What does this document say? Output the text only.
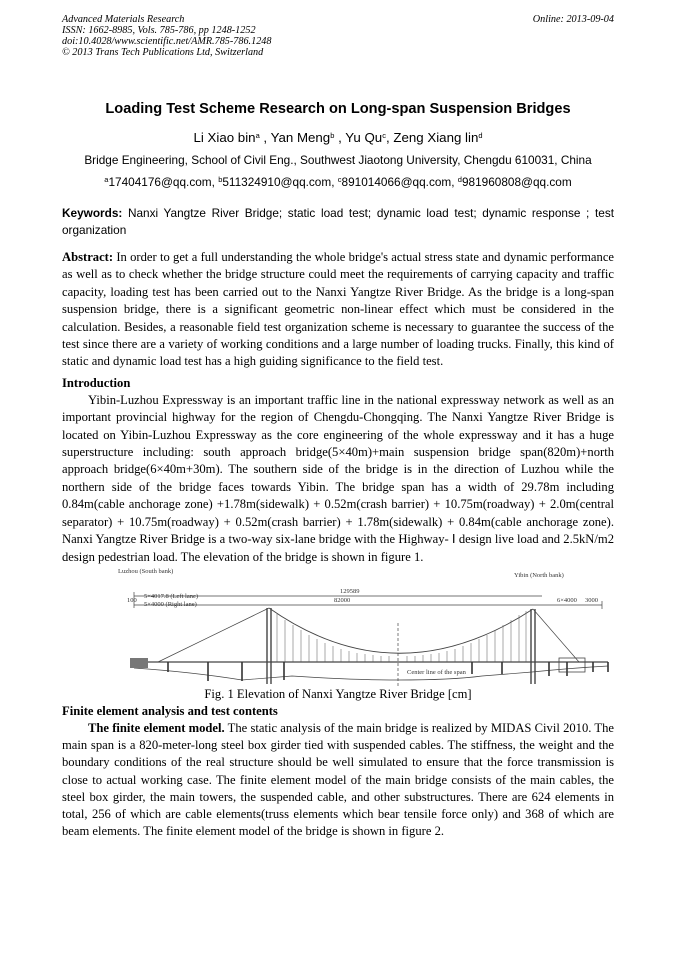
Advanced Materials Research
ISSN: 1662-8985, Vols. 785-786, pp 1248-1252
doi:10.4028/www.scientific.net/AMR.785-786.1248
© 2013 Trans Tech Publications Ltd, Switzerland
Online: 2013-09-04
Loading Test Scheme Research on Long-span Suspension Bridges
Li Xiao bin$^a$ , Yan Meng$^b$ , Yu Qu$^c$, Zeng Xiang lin$^d$
Bridge Engineering, School of Civil Eng., Southwest Jiaotong University, Chengdu 610031, China
$^a$17404176@qq.com, $^b$511324910@qq.com, $^c$891014066@qq.com, $^d$981960808@qq.com
Keywords: Nanxi Yangtze River Bridge; static load test; dynamic load test; dynamic response ; test organization
Abstract: In order to get a full understanding the whole bridge's actual stress state and dynamic performance as well as to check whether the bridge structure could meet the requirements of carrying capacity and traffic capacity, loading test has been carried out to the Nanxi Yangtze River Bridge. As the bridge is a long-span suspension bridge, there is a significant geometric non-linear effect which must be considered in the calculation. Besides, a reasonable field test organization scheme is necessary to guarantee the success of the test since there are a variety of working conditions and a large number of loading trucks. Finally, this kind of static and dynamic load test has a high guiding significance to the field test.
Introduction
Yibin-Luzhou Expressway is an important traffic line in the national expressway network as well as an important provincial highway for the region of Chengdu-Chongqing. The Nanxi Yangtze River Bridge is located on Yibin-Luzhou Expressway as the core engineering of the whole expressway and it has a huge superstructure including: south approach bridge(5×40m)+main suspension bridge span(820m)+north approach bridge(6×40m+30m). The southern side of the bridge is in the direction of Luzhou while the northern side of the bridge faces towards Yibin. The bridge span has a width of 29.78m including 0.84m(cable anchorage zone) +1.78m(sidewalk) + 0.52m(crash barrier) + 10.75m(roadway) + 2.0m(central separator) + 10.75m(roadway) + 0.52m(crash barrier) + 1.78m(sidewalk) + 0.84m(cable anchorage zone). Nanxi Yangtze River Bridge is a two-way six-lane bridge with the Highway- Ⅰ design live load and 2.5kN/m2 design pedestrian load. The elevation of the bridge is shown in figure 1.
Luzhou (South bank)
Yibin (North bank)
129589
82000
5×4017.8 (Left lane)
5×4000 (Right lane)
100	6×4000 3000
Center line of the span
Fig. 1 Elevation of Nanxi Yangtze River Bridge [cm]
Finite element analysis and test contents
The finite element model. The static analysis of the main bridge is realized by MIDAS Civil 2010. The main span is a 820-meter-long steel box girder tied with suspended cables. The stiffness, the weight and the boundary conditions of the real structure should be well simulated to ensure that the force transmission is close to actual working case. The finite element model of the main bridge consists of the main cables, the steel box girder, the main towers, the suspended cable, and other substructures. There are 624 elements in total, 256 of which are cable elements(truss elements which bear tensile force only) and 368 of which are beam elements. The finite element model of the bridge is shown in figure 2.
